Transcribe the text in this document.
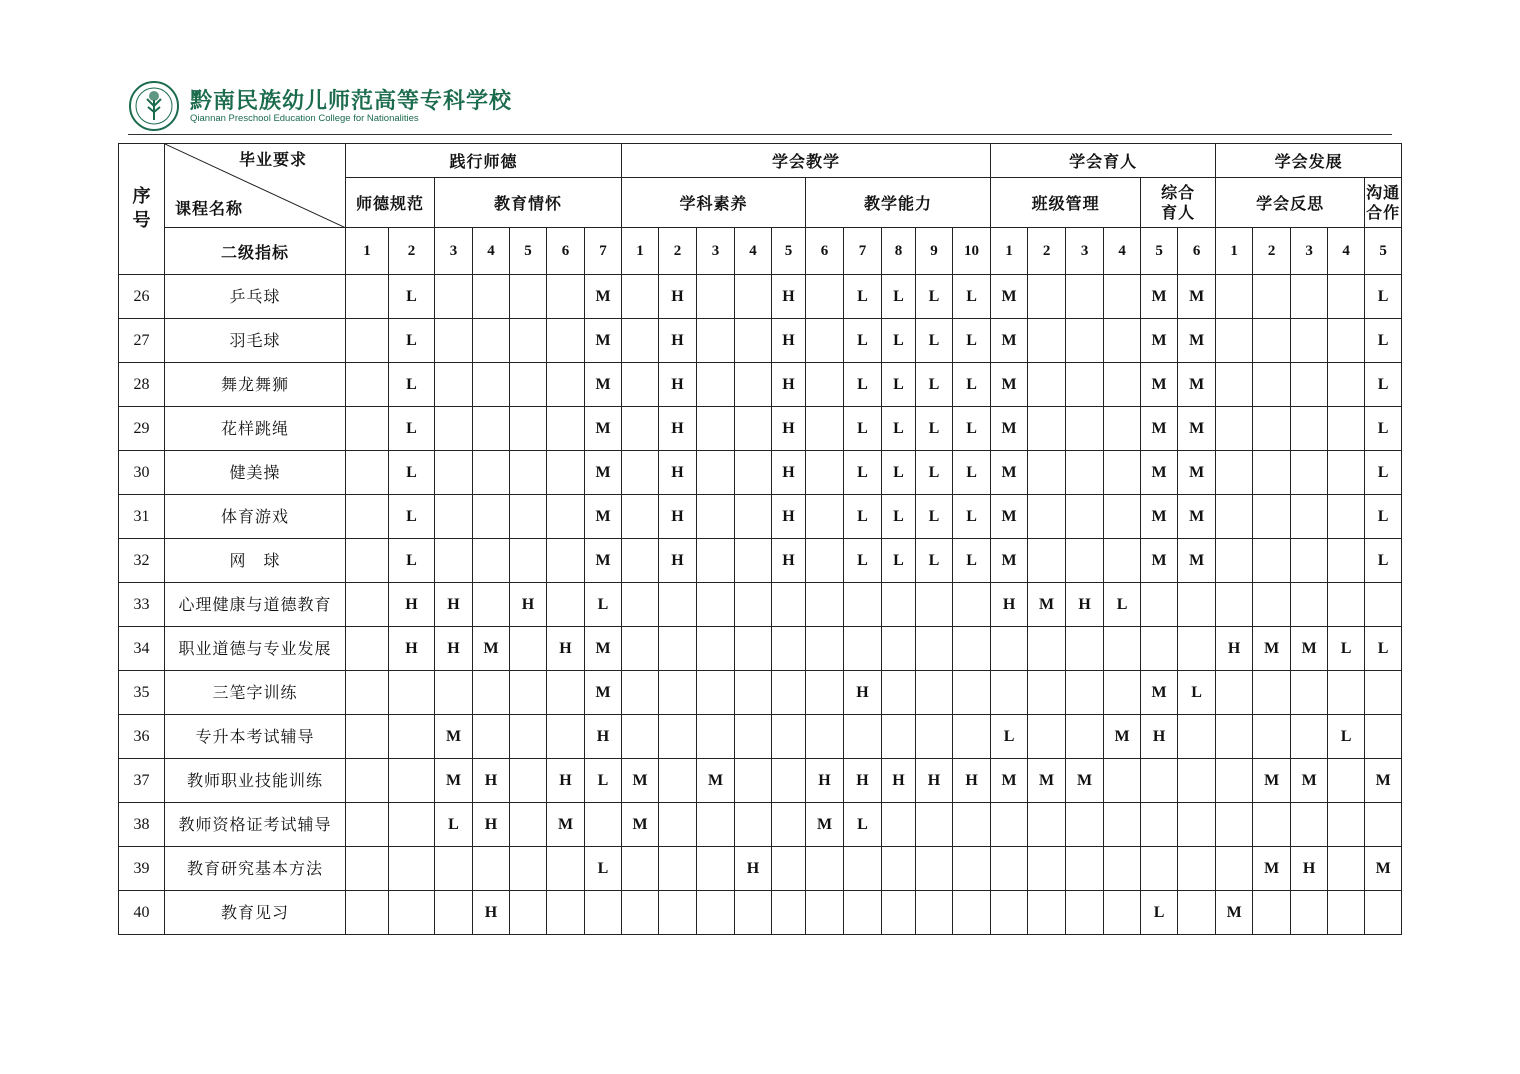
黔南民族幼儿师范高等专科学校
Qiannan Preschool Education College for Nationalities
序号	毕业要求
课程名称	践行师德							学会教学										学会育人						学会发展				
		师德规范		教育情怀					学科素养					教学能力					班级管理				综合育人		学会反思				沟通合作
	二级指标	1	2	3	4	5	6	7	1	2	3	4	5	6	7	8	9	10	1	2	3	4	5	6	1	2	3	4	5
26	乒乓球		L					M		H			H		L	L	L	L	M				M	M					L
27	羽毛球		L					M		H			H		L	L	L	L	M				M	M					L
28	舞龙舞狮		L					M		H			H		L	L	L	L	M				M	M					L
29	花样跳绳		L					M		H			H		L	L	L	L	M				M	M					L
30	健美操		L					M		H			H		L	L	L	L	M				M	M					L
31	体育游戏		L					M		H			H		L	L	L	L	M				M	M					L
32	网　球		L					M		H			H		L	L	L	L	M				M	M					L
33	心理健康与道德教育		H	H		H		L											H	M	H	L							
34	职业道德与专业发展		H	H	M		H	M																	H	M	M	L	L
35	三笔字训练							M							H								M	L					
36	专升本考试辅导			M				H											L			M	H					L	
37	教师职业技能训练			M	H		H	L	M		M			H	H	H	H	H	M	M	M					M	M		M
38	教师资格证考试辅导			L	H		M		M					M	L														
39	教育研究基本方法							L				H														M	H		M
40	教育见习				H																		L		M				
